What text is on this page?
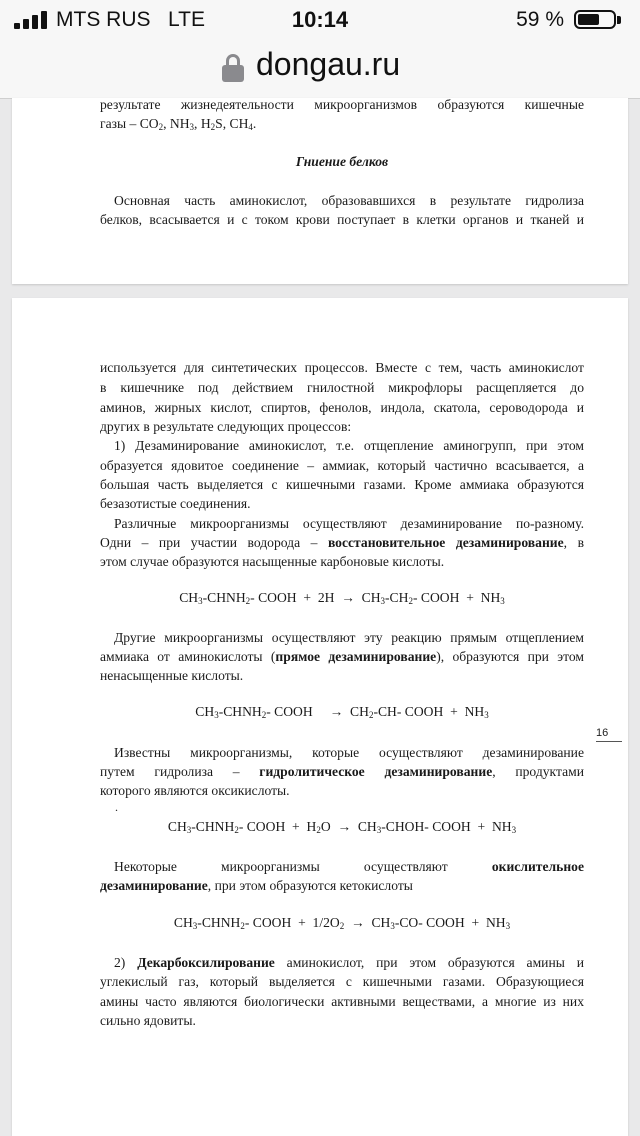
MTS RUS   LTE	10:14	59 %
dongau.ru
результате жизнедеятельности микроорганизмов образуются кишечные
газы – $CO_2$, $NH_3$, $H_2S$, $CH_4$.
Гниение белков
Основная часть аминокислот, образовавшихся в результате гидролиза
белков, всасывается и с током крови поступает в клетки органов и тканей и
используется для синтетических процессов. Вместе с тем, часть аминокислот
в кишечнике под действием гнилостной микрофлоры расщепляется до
аминов, жирных кислот, спиртов, фенолов, индола, скатола, сероводорода и
других в результате следующих процессов:
1) Дезаминирование аминокислот, т.е. отщепление аминогрупп, при этом
образуется ядовитое соединение – аммиак, который частично всасывается, а
большая часть выделяется с кишечными газами. Кроме аммиака образуются
безазотистые соединения.
Различные микроорганизмы осуществляют дезаминирование по-разному.
Одни – при участии водорода – восстановительное дезаминирование, в
этом случае образуются насыщенные карбоновые кислоты.
$CH_3-CHNH_2-$ COOH  +  $2H \to CH_3-CH_2-$ COOH  +  $NH_3$
Другие микроорганизмы осуществляют эту реакцию прямым отщеплением
аммиака от аминокислоты (прямое дезаминирование), образуются при этом
ненасыщенные кислоты.
$CH_3-CHNH_2-$ COOH     →  $CH_2-CH-$ COOH  +  $NH_3$
16
Известны микроорганизмы, которые осуществляют дезаминирование
путем гидролиза – гидролитическое дезаминирование, продуктами
которого являются оксикислоты.
.
$CH_3-CHNH_2-$ COOH  +  $H_2O$  →  $CH_3-CHOH-$ COOH  +  $NH_3$
Некоторые микроорганизмы осуществляют окислительное
дезаминирование, при этом образуются кетокислоты
$CH_3-CHNH_2-$ COOH  +  $1/2O_2 \to CH_3-CO-$ COOH  +  $NH_3$
2) Декарбоксилирование аминокислот, при этом образуются амины и
углекислый газ, который выделяется с кишечными газами. Образующиеся
амины часто являются биологически активными веществами, а многие из них
сильно ядовиты.
